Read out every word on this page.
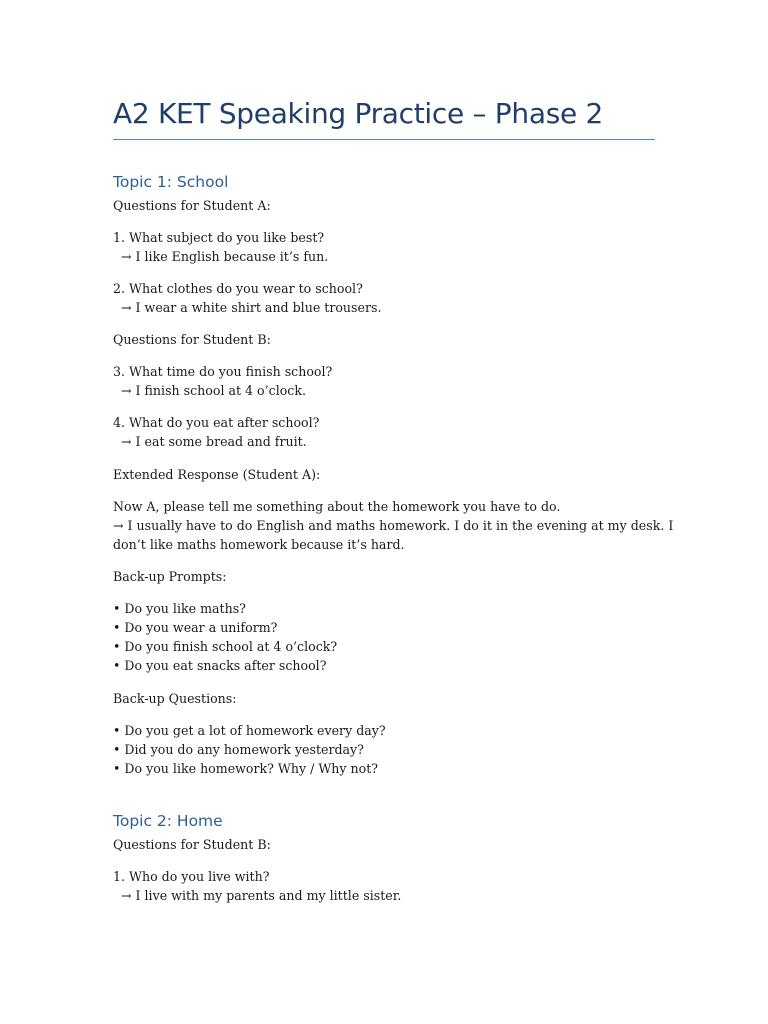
A2 KET Speaking Practice – Phase 2
Topic 1: School
Questions for Student A:
1. What subject do you like best?
→ I like English because it’s fun.
2. What clothes do you wear to school?
→ I wear a white shirt and blue trousers.
Questions for Student B:
3. What time do you finish school?
→ I finish school at 4 o’clock.
4. What do you eat after school?
→ I eat some bread and fruit.
Extended Response (Student A):
Now A, please tell me something about the homework you have to do.
→ I usually have to do English and maths homework. I do it in the evening at my desk. I
don’t like maths homework because it’s hard.
Back-up Prompts:
• Do you like maths?
• Do you wear a uniform?
• Do you finish school at 4 o’clock?
• Do you eat snacks after school?
Back-up Questions:
• Do you get a lot of homework every day?
• Did you do any homework yesterday?
• Do you like homework? Why / Why not?
Topic 2: Home
Questions for Student B:
1. Who do you live with?
→ I live with my parents and my little sister.
